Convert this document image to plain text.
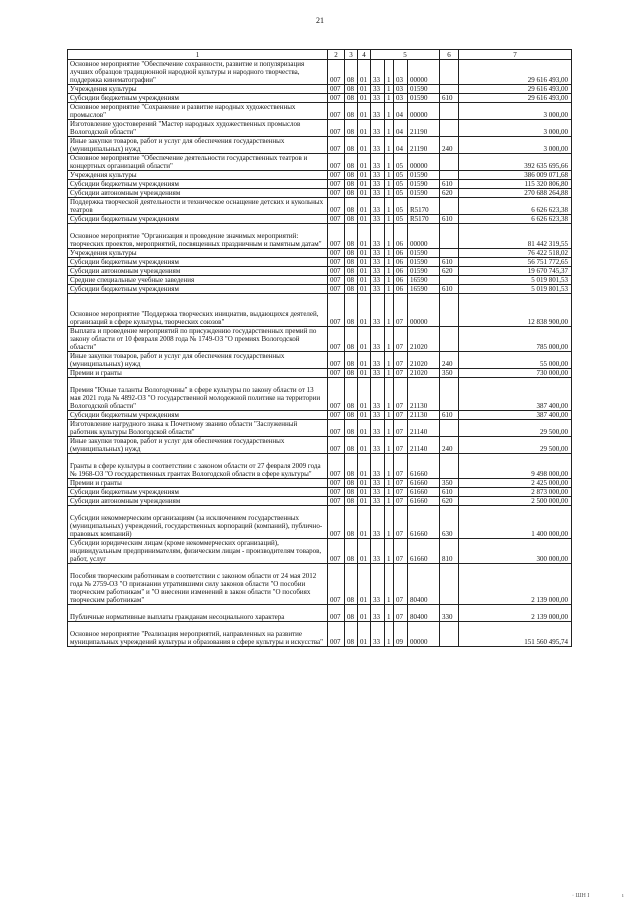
21
1	2	3	4	5				6	7
Основное мероприятие "Обеспечение сохранности, развитие и популяризация лучших образцов традиционной народной культуры и народного творчества, поддержка кинематографии"	007	08	01	33	1	03	00000		29 616 493,00
Учреждения культуры	007	08	01	33	1	03	01590		29 616 493,00
Субсидии бюджетным учреждениям	007	08	01	33	1	03	01590	610	29 616 493,00
Основное мероприятие "Сохранение и развитие народных художественных промыслов"	007	08	01	33	1	04	00000		3 000,00
Изготовление удостоверений "Мастер народных художественных промыслов Вологодской области"	007	08	01	33	1	04	21190		3 000,00
Иные закупки товаров, работ и услуг для обеспечения государственных (муниципальных) нужд	007	08	01	33	1	04	21190	240	3 000,00
Основное мероприятие "Обеспечение деятельности государственных театров и концертных организаций области"	007	08	01	33	1	05	00000		392 635 695,66
Учреждения культуры	007	08	01	33	1	05	01590		386 009 071,68
Субсидии бюджетным учреждениям	007	08	01	33	1	05	01590	610	115 320 806,80
Субсидии автономным учреждениям	007	08	01	33	1	05	01590	620	270 688 264,88
Поддержка творческой деятельности и техническое оснащение детских и кукольных театров	007	08	01	33	1	05	R5170		6 626 623,38
Субсидии бюджетным учреждениям	007	08	01	33	1	05	R5170	610	6 626 623,38
Основное мероприятие "Организация и проведение значимых мероприятий: творческих проектов, мероприятий, посвященных праздничным и памятным датам"	007	08	01	33	1	06	00000		81 442 319,55
Учреждения культуры	007	08	01	33	1	06	01590		76 422 518,02
Субсидии бюджетным учреждениям	007	08	01	33	1	06	01590	610	56 751 772,65
Субсидии автономным учреждениям	007	08	01	33	1	06	01590	620	19 670 745,37
Средние специальные учебные заведения	007	08	01	33	1	06	16590		5 019 801,53
Субсидии бюджетным учреждениям	007	08	01	33	1	06	16590	610	5 019 801,53
Основное мероприятие "Поддержка творческих инициатив, выдающихся деятелей, организаций в сфере культуры, творческих союзов"	007	08	01	33	1	07	00000		12 838 900,00
Выплата и проведение мероприятий по присуждению государственных премий по закону области от 10 февраля 2008 года № 1749-ОЗ "О премиях Вологодской области"	007	08	01	33	1	07	21020		785 000,00
Иные закупки товаров, работ и услуг для обеспечения государственных (муниципальных) нужд	007	08	01	33	1	07	21020	240	55 000,00
Премии и гранты	007	08	01	33	1	07	21020	350	730 000,00
Премия "Юные таланты Вологодчины" в сфере культуры по закону области от 13 мая 2021 года № 4892-ОЗ "О государственной молодежной политике на территории Вологодской области"	007	08	01	33	1	07	21130		387 400,00
Субсидии бюджетным учреждениям	007	08	01	33	1	07	21130	610	387 400,00
Изготовление нагрудного знака к Почетному званию области "Заслуженный работник культуры Вологодской области"	007	08	01	33	1	07	21140		29 500,00
Иные закупки товаров, работ и услуг для обеспечения государственных (муниципальных) нужд	007	08	01	33	1	07	21140	240	29 500,00
Гранты в сфере культуры в соответствии с законом области от 27 февраля 2009 года № 1968-ОЗ "О государственных грантах Вологодской области в сфере культуры"	007	08	01	33	1	07	61660		9 498 000,00
Премии и гранты	007	08	01	33	1	07	61660	350	2 425 000,00
Субсидии бюджетным учреждениям	007	08	01	33	1	07	61660	610	2 873 000,00
Субсидии автономным учреждениям	007	08	01	33	1	07	61660	620	2 500 000,00
Субсидии некоммерческим организациям (за исключением государственных (муниципальных) учреждений, государственных корпораций (компаний), публично-правовых компаний)	007	08	01	33	1	07	61660	630	1 400 000,00
Субсидии юридическим лицам (кроме некоммерческих организаций), индивидуальным предпринимателям, физическим лицам - производителям товаров, работ, услуг	007	08	01	33	1	07	61660	810	300 000,00
Пособия творческим работникам в соответствии с законом области от 24 мая 2012 года № 2759-ОЗ "О признании утратившими силу законов области "О пособии творческим работникам" и "О внесении изменений в закон области "О пособиях творческим работникам"	007	08	01	33	1	07	80400		2 139 000,00
Публичные нормативные выплаты гражданам несоциального характера	007	08	01	33	1	07	80400	330	2 139 000,00
Основное мероприятие "Реализация мероприятий, направленных на развитие муниципальных учреждений культуры и образования в сфере культуры и искусства"	007	08	01	33	1	09	00000		151 560 495,74
· ШН I	ı
